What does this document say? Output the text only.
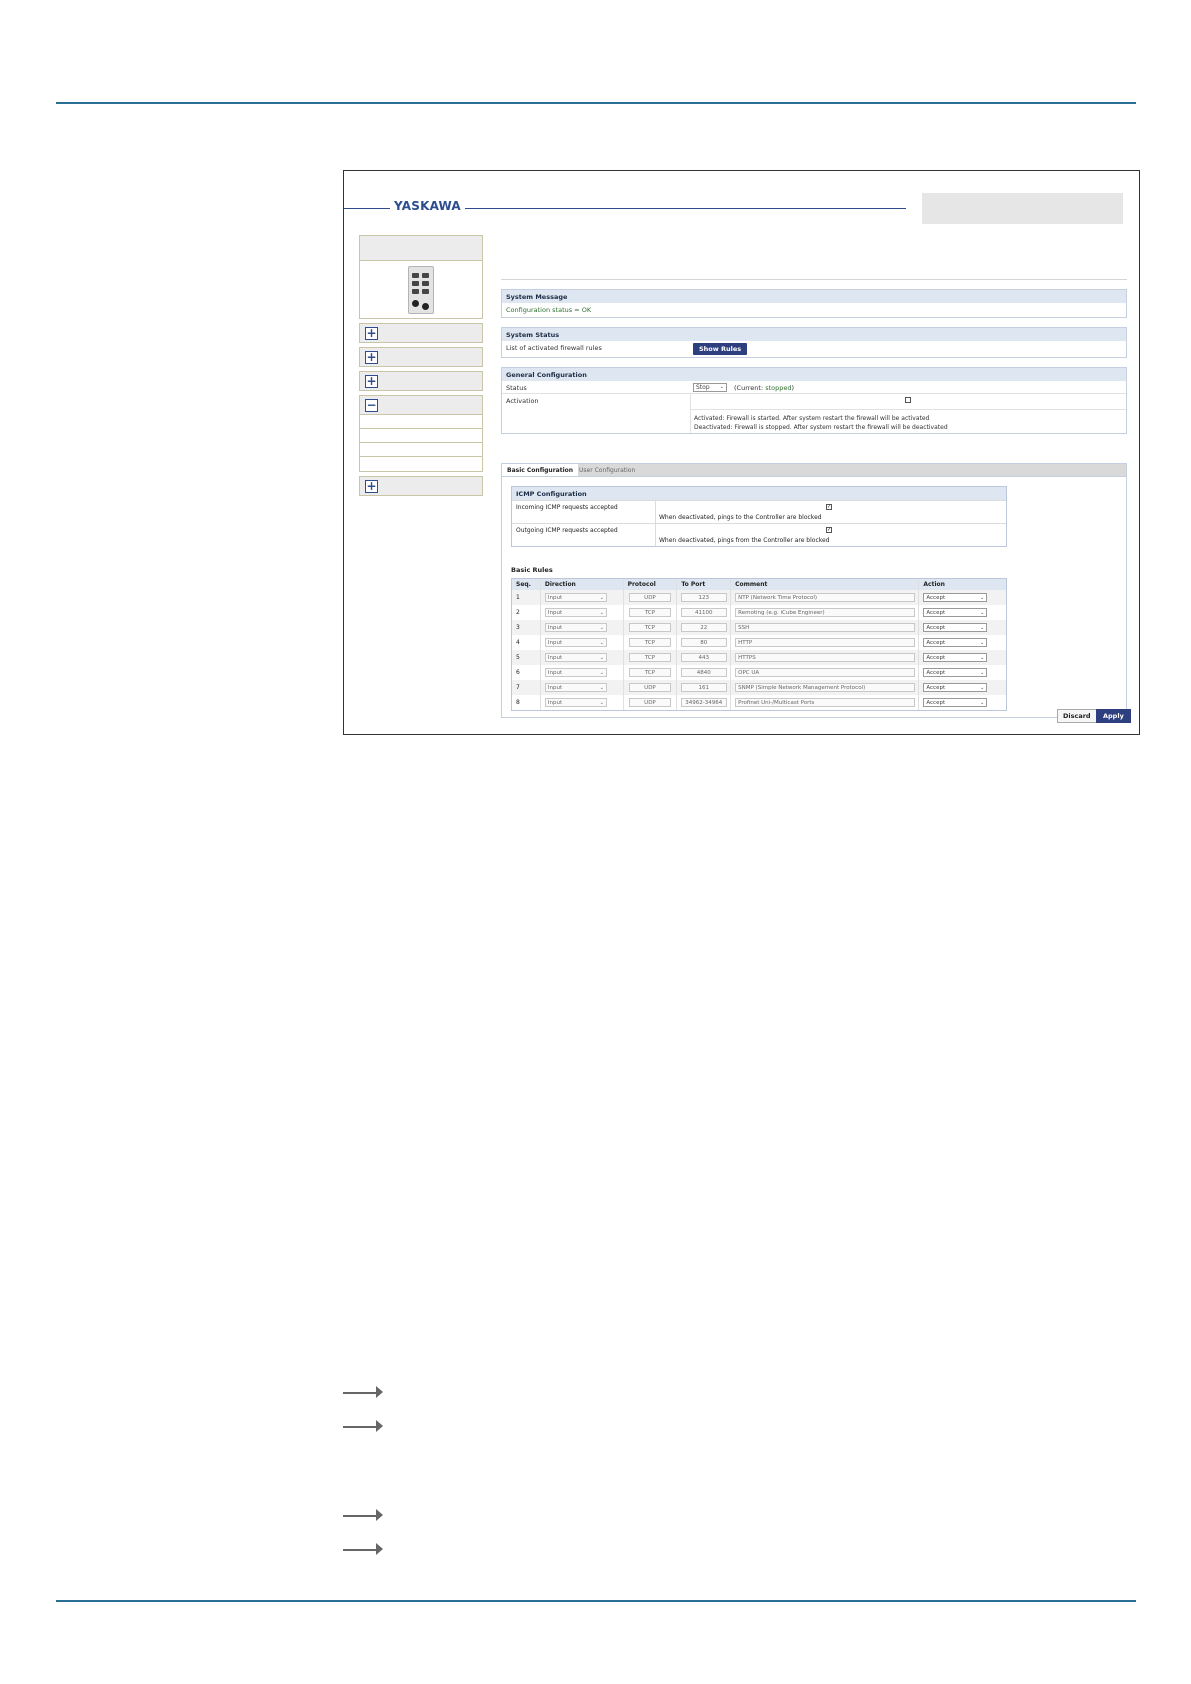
YASKAWA
+
+
+
−
+
System Message
Configuration status = OK
System Status
List of activated firewall rules	Show Rules
General Configuration
Status	Stop ⌄ (Current: stopped)
Activation
Activated: Firewall is started. After system restart the firewall will be activated
Deactivated: Firewall is stopped. After system restart the firewall will be deactivated
Basic Configuration User Configuration
ICMP Configuration
Incoming ICMP requests accepted	✓
When deactivated, pings to the Controller are blocked
Outgoing ICMP requests accepted	✓
When deactivated, pings from the Controller are blocked
Basic Rules
Seq.	Direction	Protocol	To Port	Comment	Action
1	Input	⌄	UDP	123	NTP (Network Time Protocol)	Accept	⌄
2	Input	⌄	TCP	41100	Remoting (e.g. iCube Engineer)	Accept	⌄
3	Input	⌄	TCP	22	SSH	Accept	⌄
4	Input	⌄	TCP	80	HTTP	Accept	⌄
5	Input	⌄	TCP	443	HTTPS	Accept	⌄
6	Input	⌄	TCP	4840	OPC UA	Accept	⌄
7	Input	⌄	UDP	161	SNMP (Simple Network Management Protocol)	Accept	⌄
8	Input	⌄	UDP	34962-34964	Profinet Uni-/Multicast Ports	Accept	⌄
Discard	Apply
